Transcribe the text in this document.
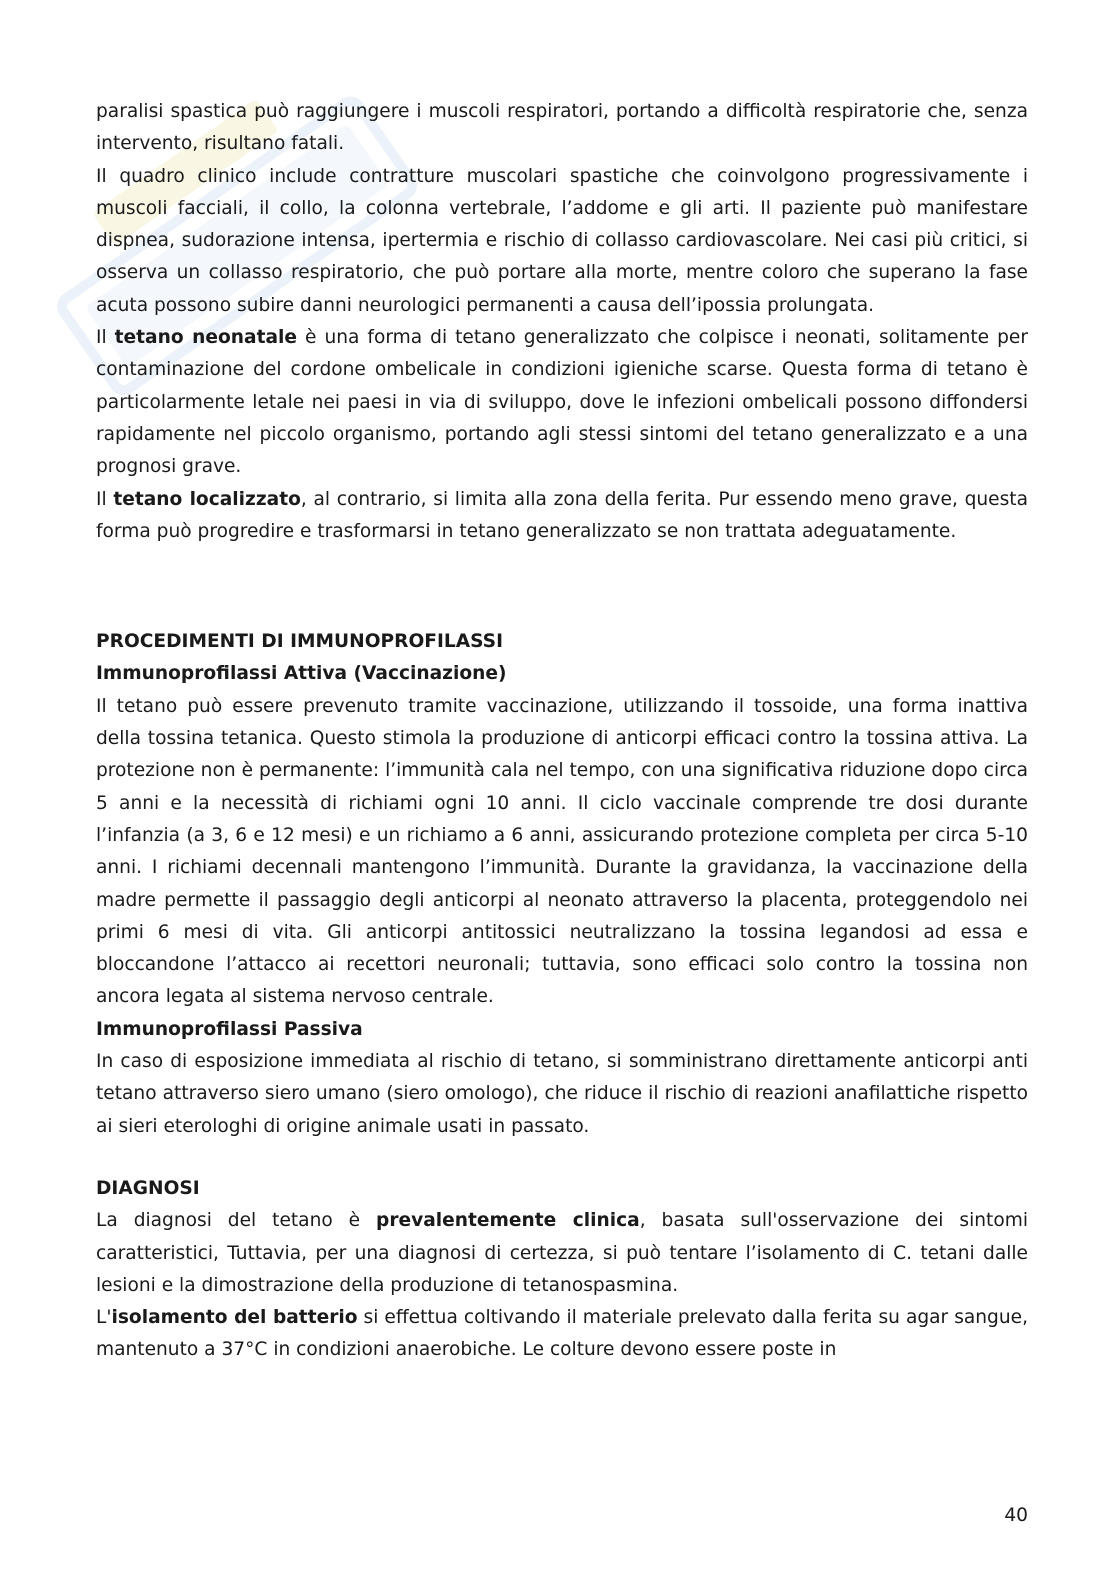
paralisi spastica può raggiungere i muscoli respiratori, portando a difficoltà respiratorie che, senza intervento, risultano fatali.

Il quadro clinico include contratture muscolari spastiche che coinvolgono progressivamente i muscoli facciali, il collo, la colonna vertebrale, l’addome e gli arti. Il paziente può manifestare dispnea, sudorazione intensa, ipertermia e rischio di collasso cardiovascolare. Nei casi più critici, si osserva un collasso respiratorio, che può portare alla morte, mentre coloro che superano la fase acuta possono subire danni neurologici permanenti a causa dell’ipossia prolungata.

Il tetano neonatale è una forma di tetano generalizzato che colpisce i neonati, solitamente per contaminazione del cordone ombelicale in condizioni igieniche scarse. Questa forma di tetano è particolarmente letale nei paesi in via di sviluppo, dove le infezioni ombelicali possono diffondersi rapidamente nel piccolo organismo, portando agli stessi sintomi del tetano generalizzato e a una prognosi grave.

Il tetano localizzato, al contrario, si limita alla zona della ferita. Pur essendo meno grave, questa forma può progredire e trasformarsi in tetano generalizzato se non trattata adeguatamente.

PROCEDIMENTI DI IMMUNOPROFILASSI
Immunoprofilassi Attiva (Vaccinazione)

Il tetano può essere prevenuto tramite vaccinazione, utilizzando il tossoide, una forma inattiva della tossina tetanica. Questo stimola la produzione di anticorpi efficaci contro la tossina attiva. La protezione non è permanente: l’immunità cala nel tempo, con una significativa riduzione dopo circa 5 anni e la necessità di richiami ogni 10 anni. Il ciclo vaccinale comprende tre dosi durante l’infanzia (a 3, 6 e 12 mesi) e un richiamo a 6 anni, assicurando protezione completa per circa 5-10 anni. I richiami decennali mantengono l’immunità. Durante la gravidanza, la vaccinazione della madre permette il passaggio degli anticorpi al neonato attraverso la placenta, proteggendolo nei primi 6 mesi di vita. Gli anticorpi antitossici neutralizzano la tossina legandosi ad essa e bloccandone l’attacco ai recettori neuronali; tuttavia, sono efficaci solo contro la tossina non ancora legata al sistema nervoso centrale.

Immunoprofilassi Passiva

In caso di esposizione immediata al rischio di tetano, si somministrano direttamente anticorpi anti tetano attraverso siero umano (siero omologo), che riduce il rischio di reazioni anafilattiche rispetto ai sieri eterologhi di origine animale usati in passato.

DIAGNOSI

La diagnosi del tetano è prevalentemente clinica, basata sull'osservazione dei sintomi caratteristici, Tuttavia, per una diagnosi di certezza, si può tentare l’isolamento di C. tetani dalle lesioni e la dimostrazione della produzione di tetanospasmina.

L'isolamento del batterio si effettua coltivando il materiale prelevato dalla ferita su agar sangue, mantenuto a 37°C in condizioni anaerobiche. Le colture devono essere poste in

40
